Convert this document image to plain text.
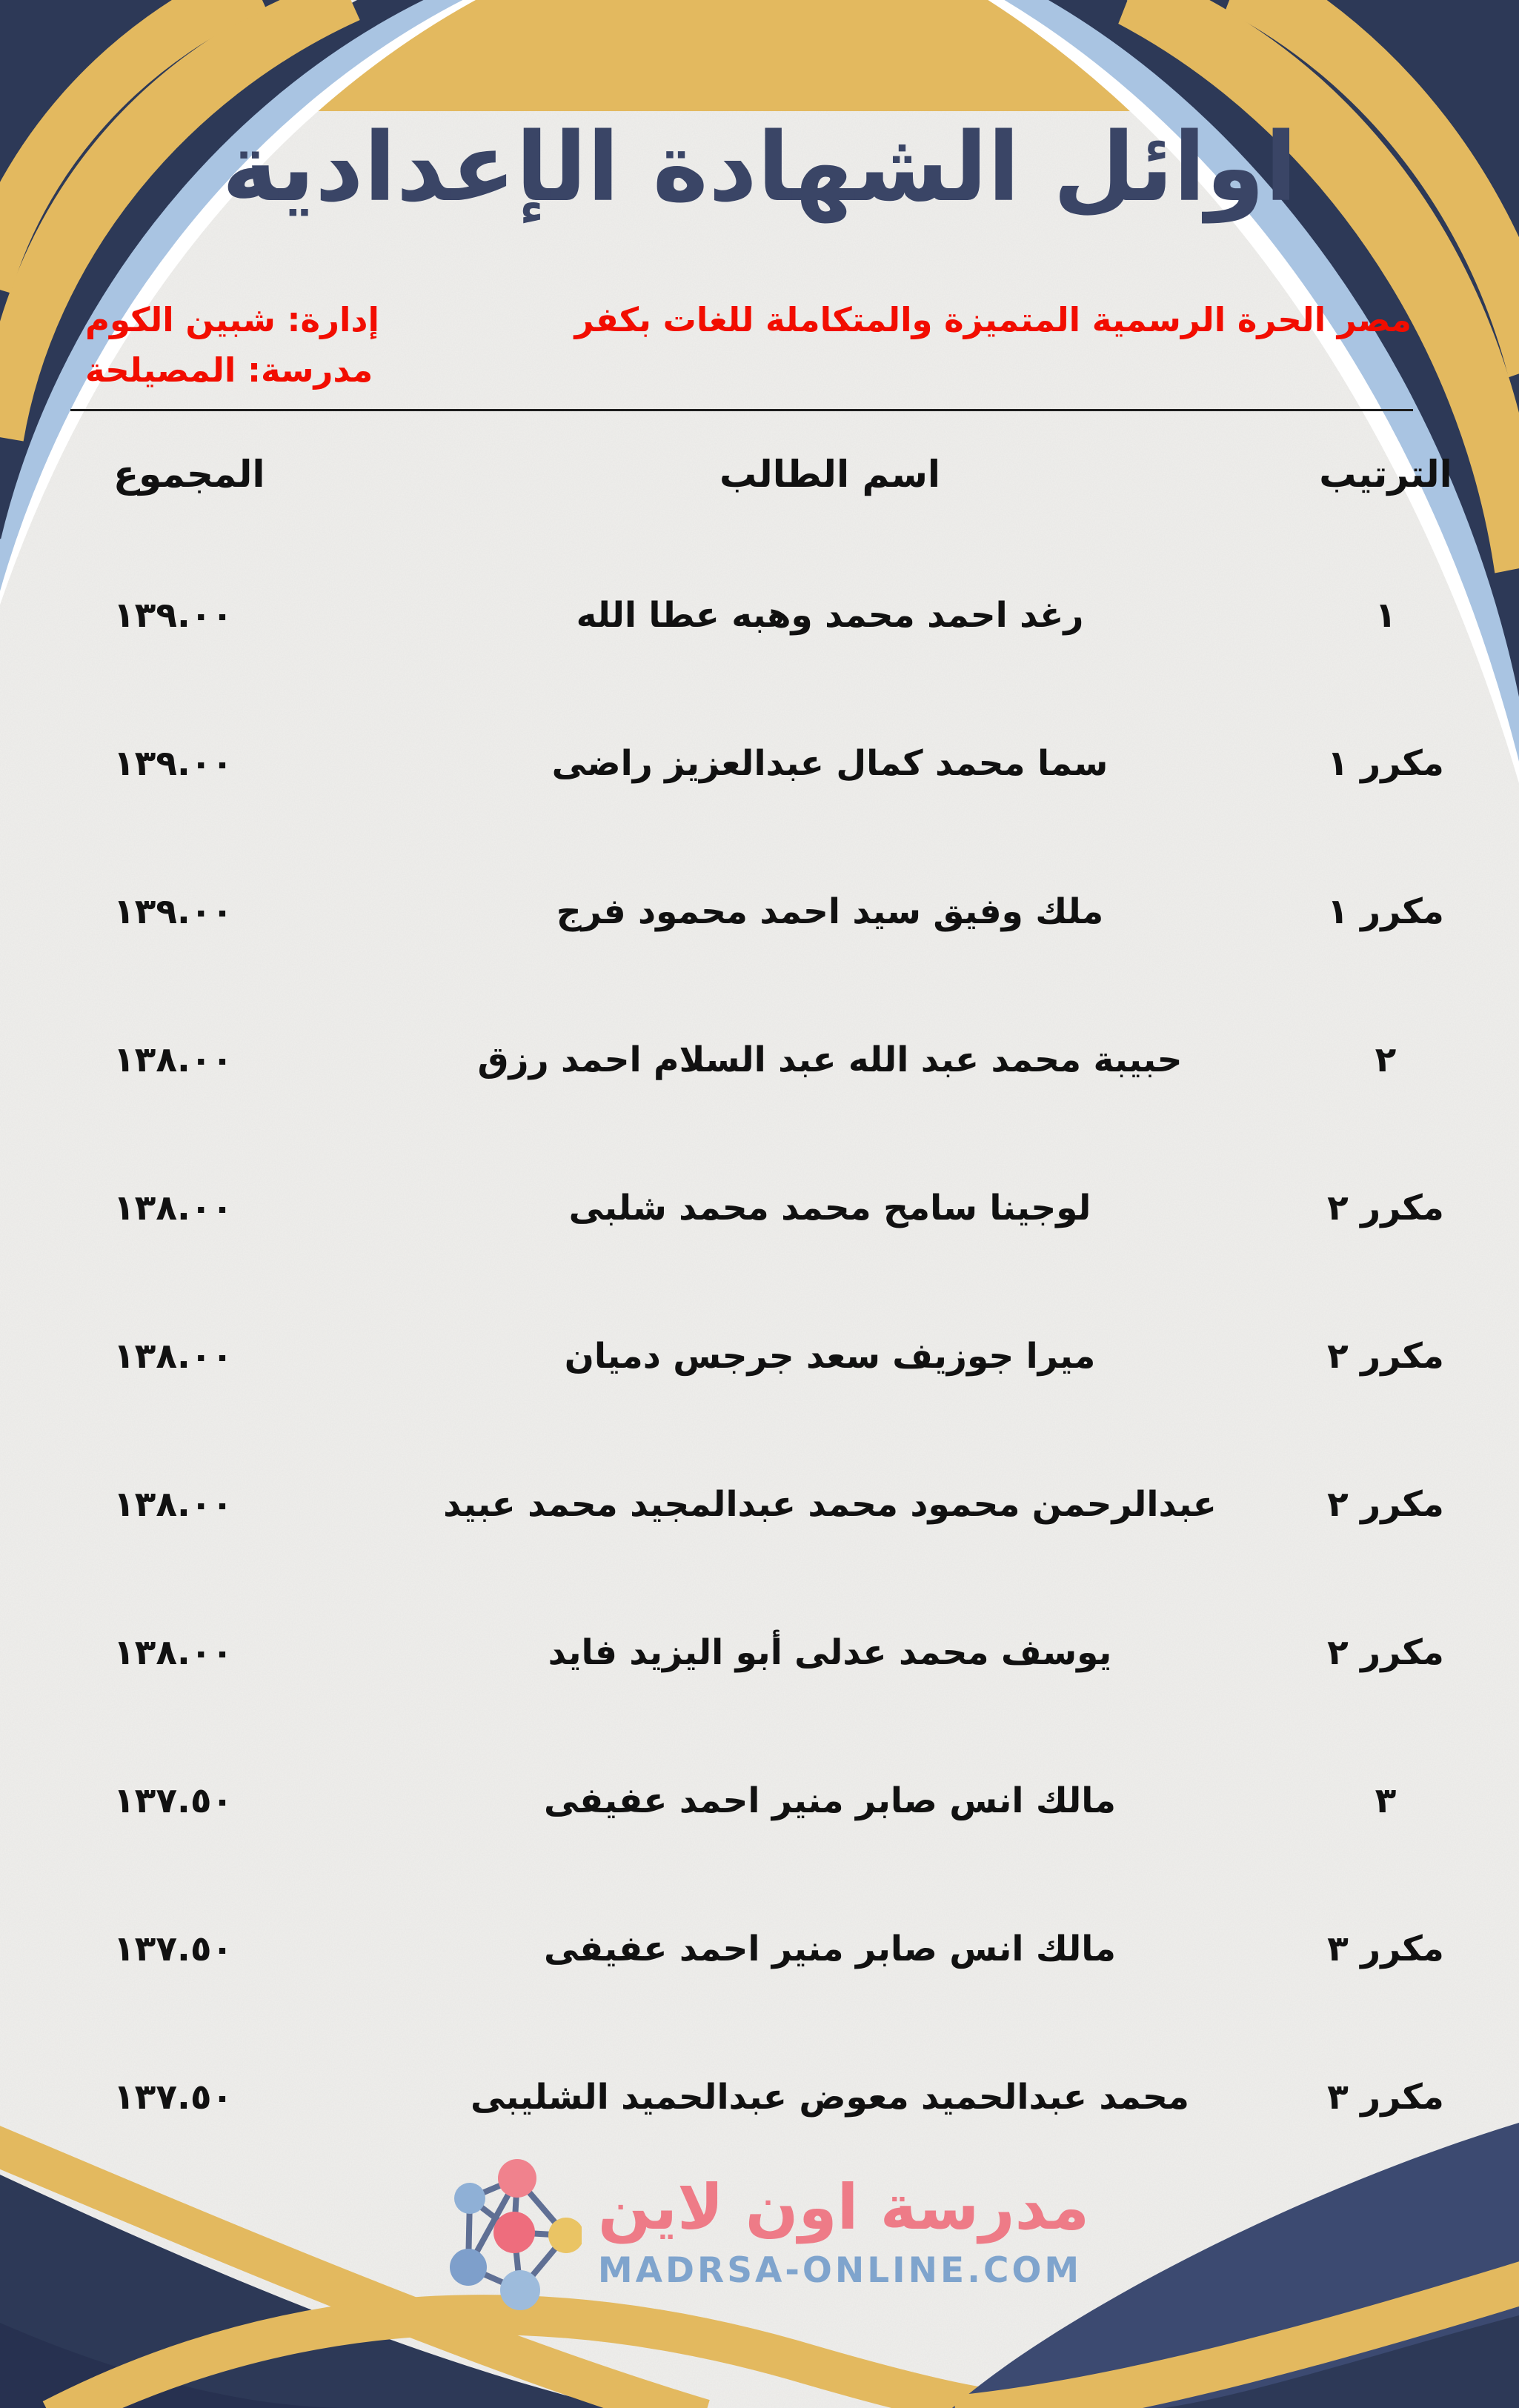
اوائل الشهادة الإعدادية
مصر الحرة الرسمية المتميزة والمتكاملة للغات بكفر
إدارة: شبين الكوم
مدرسة: المصيلحة
الترتيب
اسم الطالب
المجموع
١
رغد احمد محمد وهبه عطا الله
١٣٩.٠٠
مكرر ١
سما محمد كمال عبدالعزيز راضى
١٣٩.٠٠
مكرر ١
ملك وفيق سيد احمد محمود فرج
١٣٩.٠٠
٢
حبيبة محمد عبد الله عبد السلام احمد رزق
١٣٨.٠٠
مكرر ٢
لوجينا سامح محمد محمد شلبى
١٣٨.٠٠
مكرر ٢
ميرا جوزيف سعد جرجس دميان
١٣٨.٠٠
مكرر ٢
عبدالرحمن محمود محمد عبدالمجيد محمد عبيد
١٣٨.٠٠
مكرر ٢
يوسف محمد عدلى أبو اليزيد فايد
١٣٨.٠٠
٣
مالك انس صابر منير احمد عفيفى
١٣٧.٥٠
مكرر ٣
مالك انس صابر منير احمد عفيفى
١٣٧.٥٠
مكرر ٣
محمد عبدالحميد معوض عبدالحميد الشليبى
١٣٧.٥٠
مدرسة اون لاين
MADRSA-ONLINE.COM
